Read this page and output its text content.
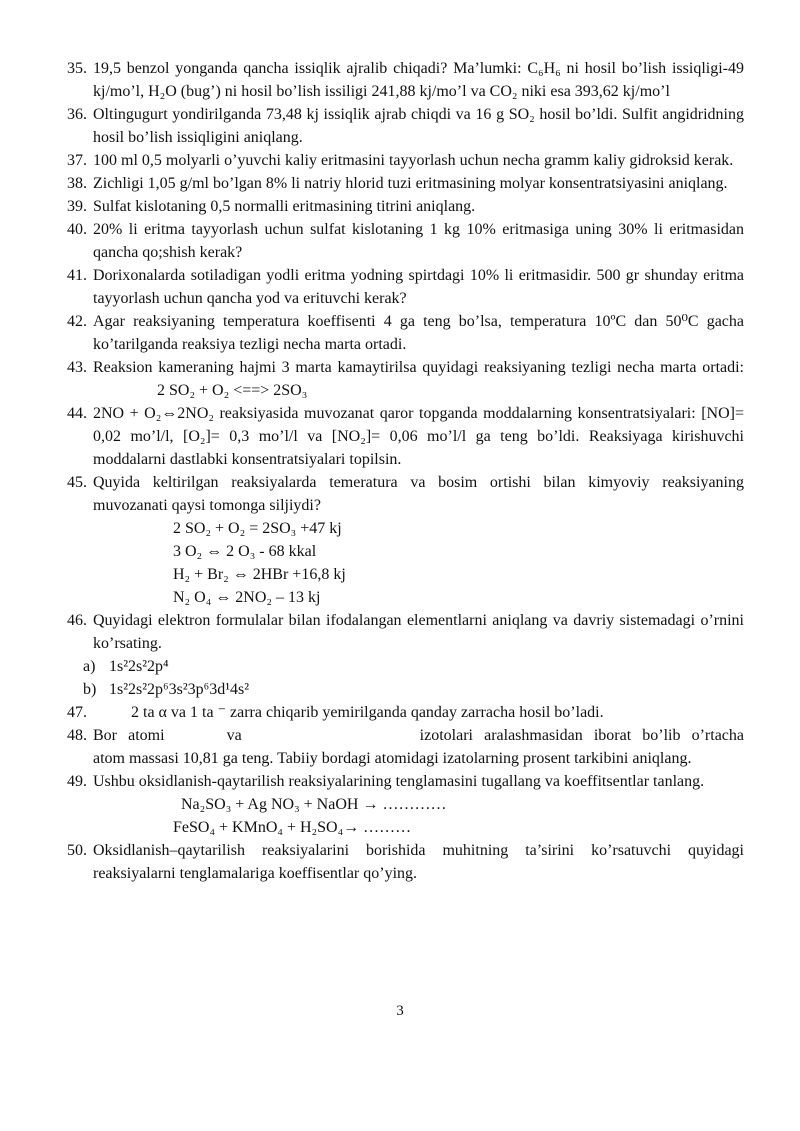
35. 19,5 benzol yonganda qancha issiqlik ajralib chiqadi? Ma’lumki: C₆H₆ ni hosil bo’lish issiqligi-49 kj/mo’l, H₂O (bug’) ni hosil bo’lish issiligi 241,88 kj/mo’l va CO₂ niki esa 393,62 kj/mo’l
36. Oltingugurt yondirilganda 73,48 kj issiqlik ajrab chiqdi va 16 g SO₂ hosil bo’ldi. Sulfit angidridning hosil bo’lish issiqligini aniqlang.
37. 100 ml 0,5 molyarli o’yuvchi kaliy eritmasini tayyorlash uchun necha gramm kaliy gidroksid kerak.
38. Zichligi 1,05 g/ml bo’lgan 8% li natriy hlorid tuzi eritmasining molyar konsentratsiyasini aniqlang.
39. Sulfat kislotaning 0,5 normalli eritmasining titrini aniqlang.
40. 20% li eritma tayyorlash uchun sulfat kislotaning 1 kg 10% eritmasiga uning 30% li eritmasidan qancha qo;shish kerak?
41. Dorixonalarda sotiladigan yodli eritma yodning spirtdagi 10% li eritmasidir. 500 gr shunday eritma tayyorlash uchun qancha yod va erituvchi kerak?
42. Agar reaksiyaning temperatura koeffisenti 4 ga teng bo’lsa, temperatura 10ºC dan 50⁰C gacha ko’tarilganda reaksiya tezligi necha marta ortadi.
43. Reaksion kameraning hajmi 3 marta kamaytirilsa quyidagi reaksiyaning tezligi necha marta ortadi:  2 SO₂ + O₂ <==> 2SO₃
44. 2NO + O₂⇔2NO₂ reaksiyasida muvozanat qaror topganda moddalarning konsentratsiyalari: [NO]= 0,02 mo’l/l, [O₂]= 0,3 mo’l/l va [NO₂]= 0,06 mo’l/l ga teng bo’ldi. Reaksiyaga kirishuvchi moddalarni dastlabki konsentratsiyalari topilsin.
45. Quyida keltirilgan reaksiyalarda temeratura va bosim ortishi bilan kimyoviy reaksiyaning muvozanati qaysi tomonga siljiydi?
2 SO₂ + O₂ = 2SO₃ +47 kj
3 O₂ ⇔ 2 O₃ - 68 kkal
H₂ + Br₂ ⇔ 2HBr +16,8 kj
N₂ O₄ ⇔ 2NO₂ – 13 kj
46. Quyidagi elektron formulalar bilan ifodalangan elementlarni aniqlang va davriy sistemadagi o’rnini ko’rsating.
a) 1s²2s²2p⁴
b) 1s²2s²2p⁶3s²3p⁶3d¹4s²
47.	2 ta α va 1 ta ⁻ zarra chiqarib yemirilganda qanday zarracha hosil bo’ladi.
48. Bor atomi	va	izotolari aralashmasidan iborat bo’lib o’rtacha atom massasi 10,81 ga teng. Tabiiy bordagi atomidagi izatolarning prosent tarkibini aniqlang.
49. Ushbu oksidlanish-qaytarilish reaksiyalarining tenglamasini tugallang va koeffitsentlar tanlang.
Na₂SO₃ + Ag NO₃ + NaOH → …………
FeSO₄ + KMnO₄ + H₂SO₄→ ………
50. Oksidlanish–qaytarilish reaksiyalarini borishida muhitning ta’sirini ko’rsatuvchi quyidagi reaksiyalarni tenglamalariga koeffisentlar qo’ying.
3
